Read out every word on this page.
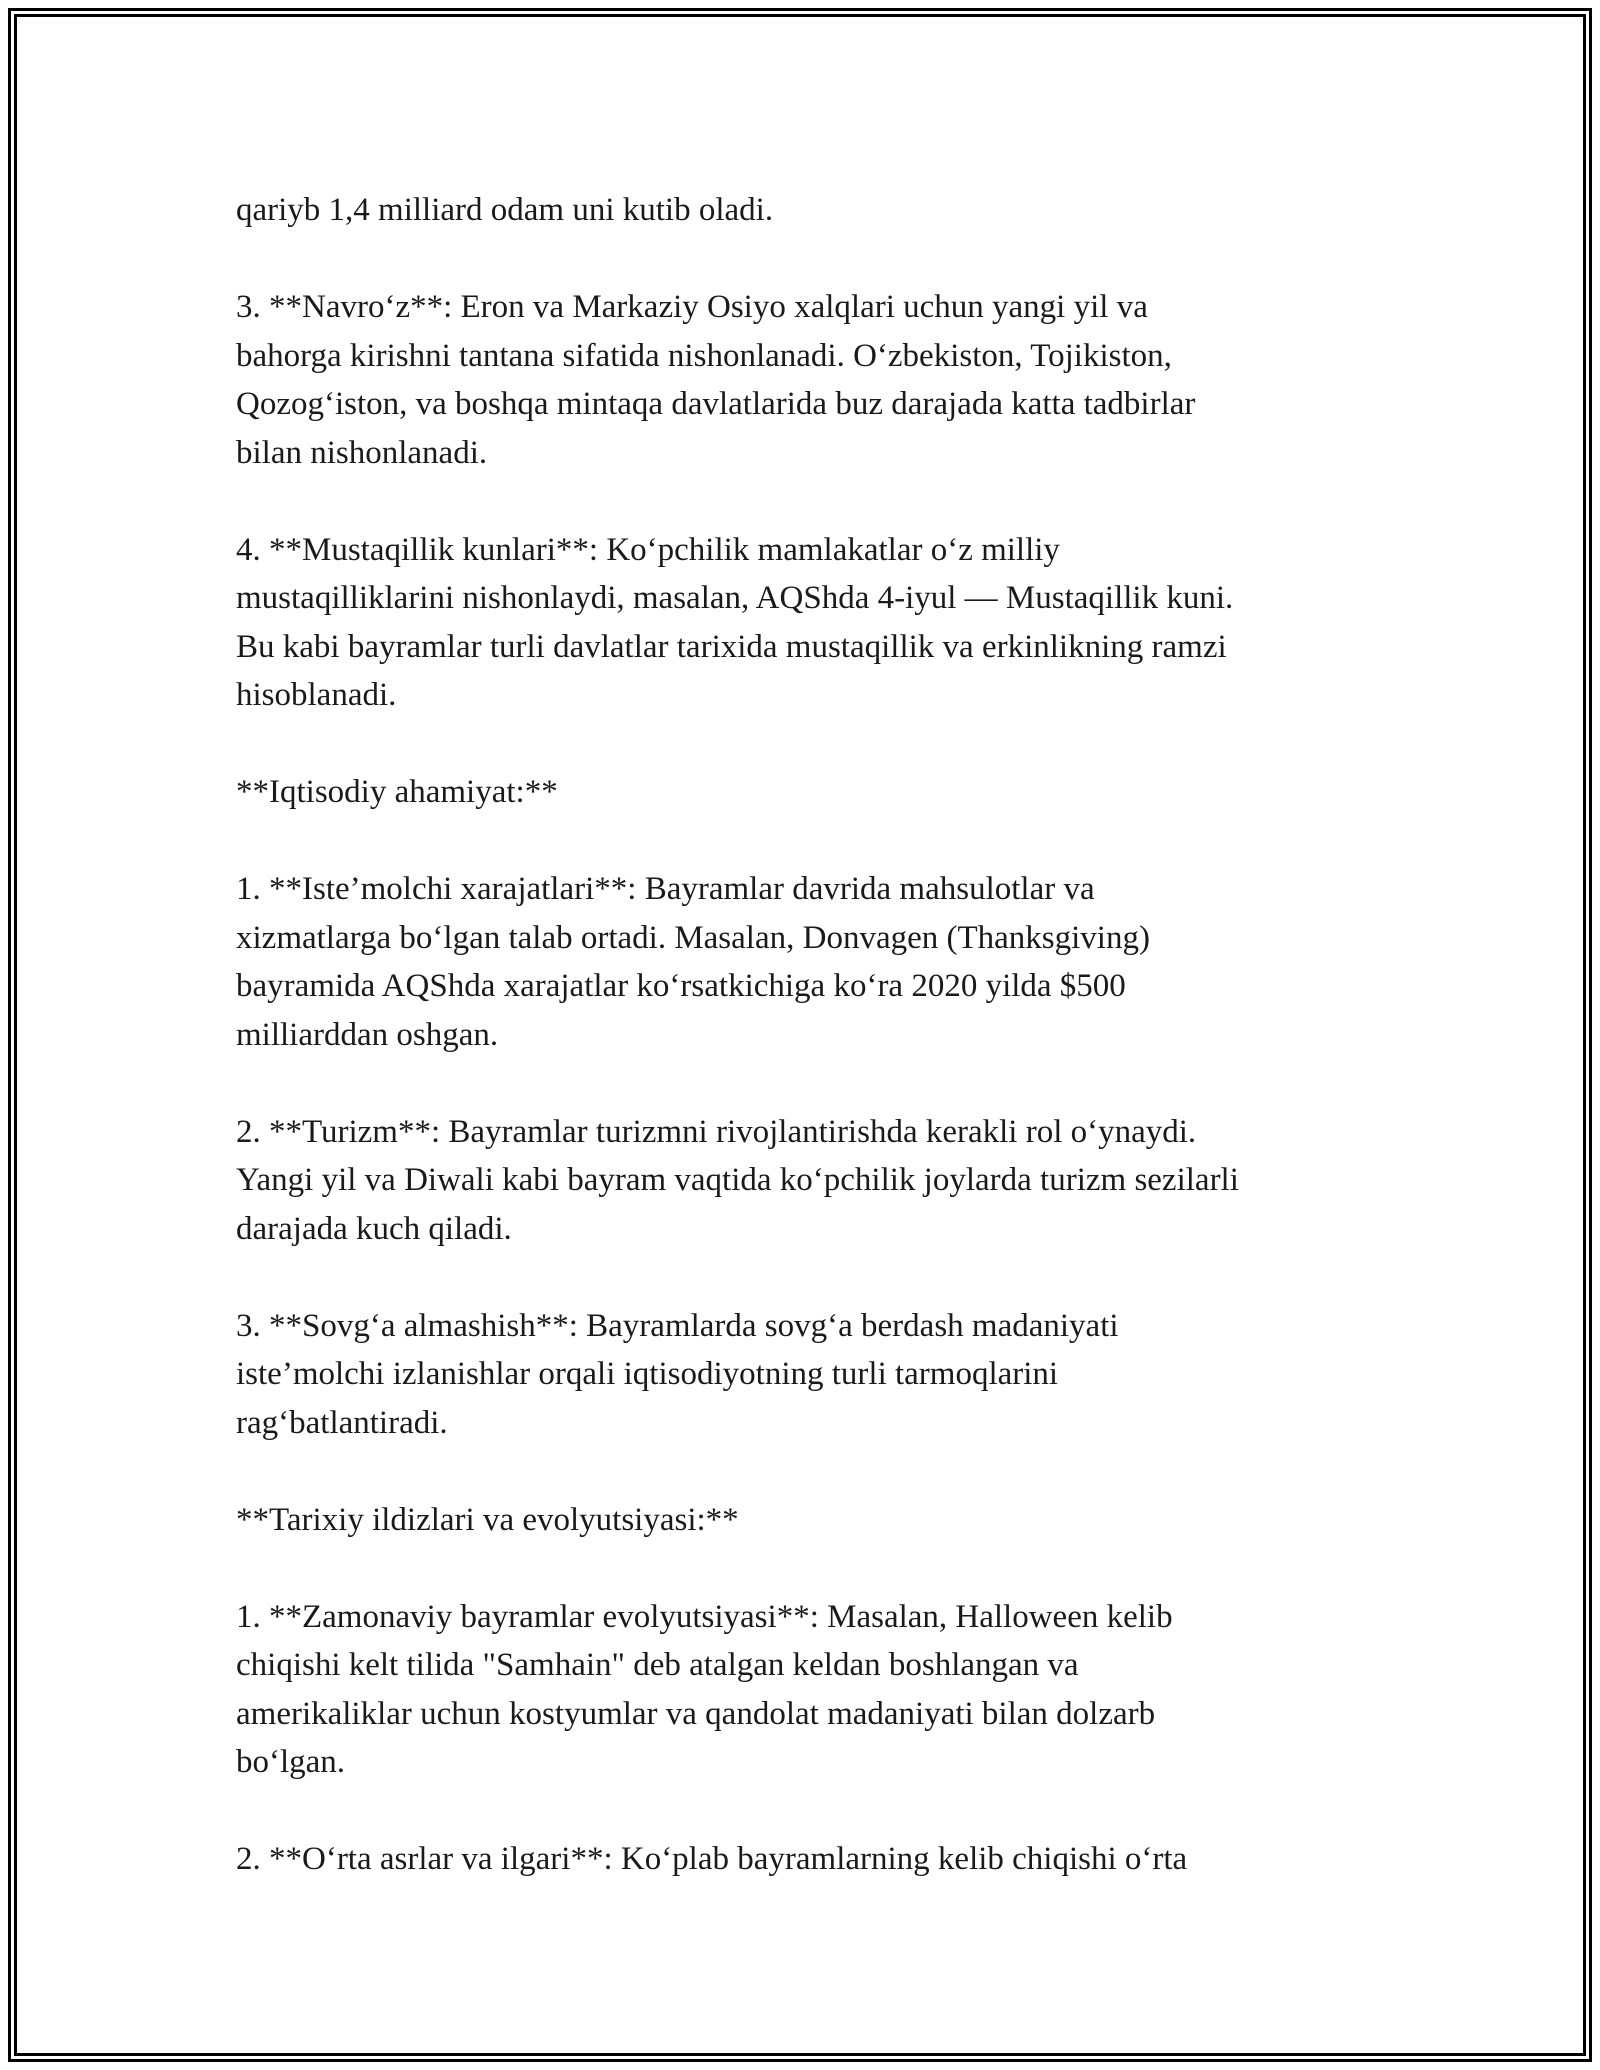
qariyb 1,4 milliard odam uni kutib oladi.

3. **Navro‘z**: Eron va Markaziy Osiyo xalqlari uchun yangi yil va
bahorga kirishni tantana sifatida nishonlanadi. O‘zbekiston, Tojikiston,
Qozog‘iston, va boshqa mintaqa davlatlarida buz darajada katta tadbirlar
bilan nishonlanadi.

4. **Mustaqillik kunlari**: Ko‘pchilik mamlakatlar o‘z milliy
mustaqilliklarini nishonlaydi, masalan, AQShda 4-iyul — Mustaqillik kuni.
Bu kabi bayramlar turli davlatlar tarixida mustaqillik va erkinlikning ramzi
hisoblanadi.

**Iqtisodiy ahamiyat:**

1. **Iste’molchi xarajatlari**: Bayramlar davrida mahsulotlar va
xizmatlarga bo‘lgan talab ortadi. Masalan, Donvagen (Thanksgiving)
bayramida AQShda xarajatlar ko‘rsatkichiga ko‘ra 2020 yilda $500
milliarddan oshgan.

2. **Turizm**: Bayramlar turizmni rivojlantirishda kerakli rol o‘ynaydi.
Yangi yil va Diwali kabi bayram vaqtida ko‘pchilik joylarda turizm sezilarli
darajada kuch qiladi.

3. **Sovg‘a almashish**: Bayramlarda sovg‘a berdash madaniyati
iste’molchi izlanishlar orqali iqtisodiyotning turli tarmoqlarini
rag‘batlantiradi.

**Tarixiy ildizlari va evolyutsiyasi:**

1. **Zamonaviy bayramlar evolyutsiyasi**: Masalan, Halloween kelib
chiqishi kelt tilida "Samhain" deb atalgan keldan boshlangan va
amerikaliklar uchun kostyumlar va qandolat madaniyati bilan dolzarb
bo‘lgan.

2. **O‘rta asrlar va ilgari**: Ko‘plab bayramlarning kelib chiqishi o‘rta
